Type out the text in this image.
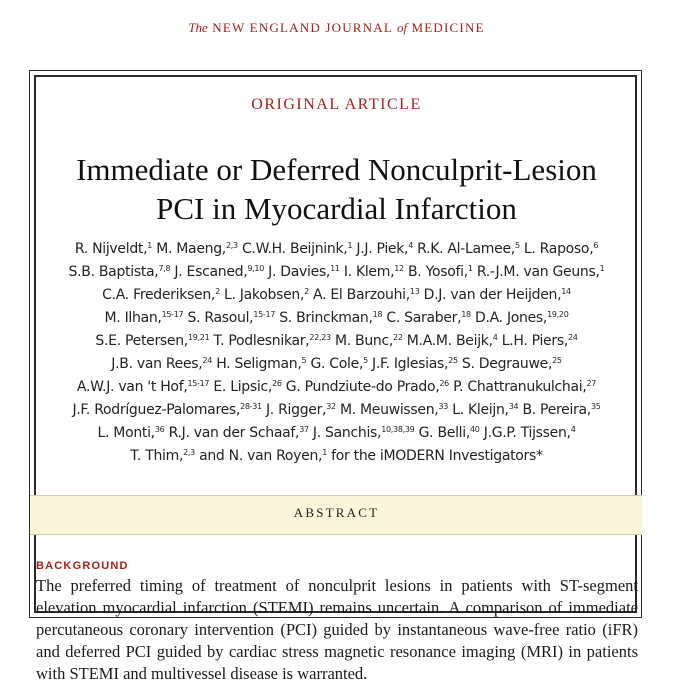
The NEW ENGLAND JOURNAL of MEDICINE
ORIGINAL ARTICLE
Immediate or Deferred Nonculprit-Lesion
PCI in Myocardial Infarction
R. Nijveldt,$^1$ M. Maeng,$^{2,3}$ C.W.H. Beijnink,$^1$ J.J. Piek,$^4$ R.K. Al-Lamee,$^5$ L. Raposo,$^6$
S.B. Baptista,$^{7,8}$ J. Escaned,$^{9,10}$ J. Davies,$^{11}$ I. Klem,$^{12}$ B. Yosofi,$^1$ R.-J.M. van Geuns,$^1$
C.A. Frederiksen,$^2$ L. Jakobsen,$^2$ A. El Barzouhi,$^{13}$ D.J. van der Heijden,$^{14}$
M. Ilhan,$^{15-17}$ S. Rasoul,$^{15-17}$ S. Brinckman,$^{18}$ C. Saraber,$^{18}$ D.A. Jones,$^{19,20}$
S.E. Petersen,$^{19,21}$ T. Podlesnikar,$^{22,23}$ M. Bunc,$^{22}$ M.A.M. Beijk,$^4$ L.H. Piers,$^{24}$
J.B. van Rees,$^{24}$ H. Seligman,$^5$ G. Cole,$^5$ J.F. Iglesias,$^{25}$ S. Degrauwe,$^{25}$
A.W.J. van 't Hof,$^{15-17}$ E. Lipsic,$^{26}$ G. Pundziute-do Prado,$^{26}$ P. Chattranukulchai,$^{27}$
J.F. Rodríguez-Palomares,$^{28-31}$ J. Rigger,$^{32}$ M. Meuwissen,$^{33}$ L. Kleijn,$^{34}$ B. Pereira,$^{35}$
L. Monti,$^{36}$ R.J. van der Schaaf,$^{37}$ J. Sanchis,$^{10,38,39}$ G. Belli,$^{40}$ J.G.P. Tijssen,$^4$
T. Thim,$^{2,3}$ and N. van Royen,$^1$ for the iMODERN Investigators*
ABSTRACT
BACKGROUND
The preferred timing of treatment of nonculprit lesions in patients with ST-segment elevation myocardial infarction (STEMI) remains uncertain. A comparison of immediate percutaneous coronary intervention (PCI) guided by instantaneous wave-free ratio (iFR) and deferred PCI guided by cardiac stress magnetic resonance imaging (MRI) in patients with STEMI and multivessel disease is warranted.
